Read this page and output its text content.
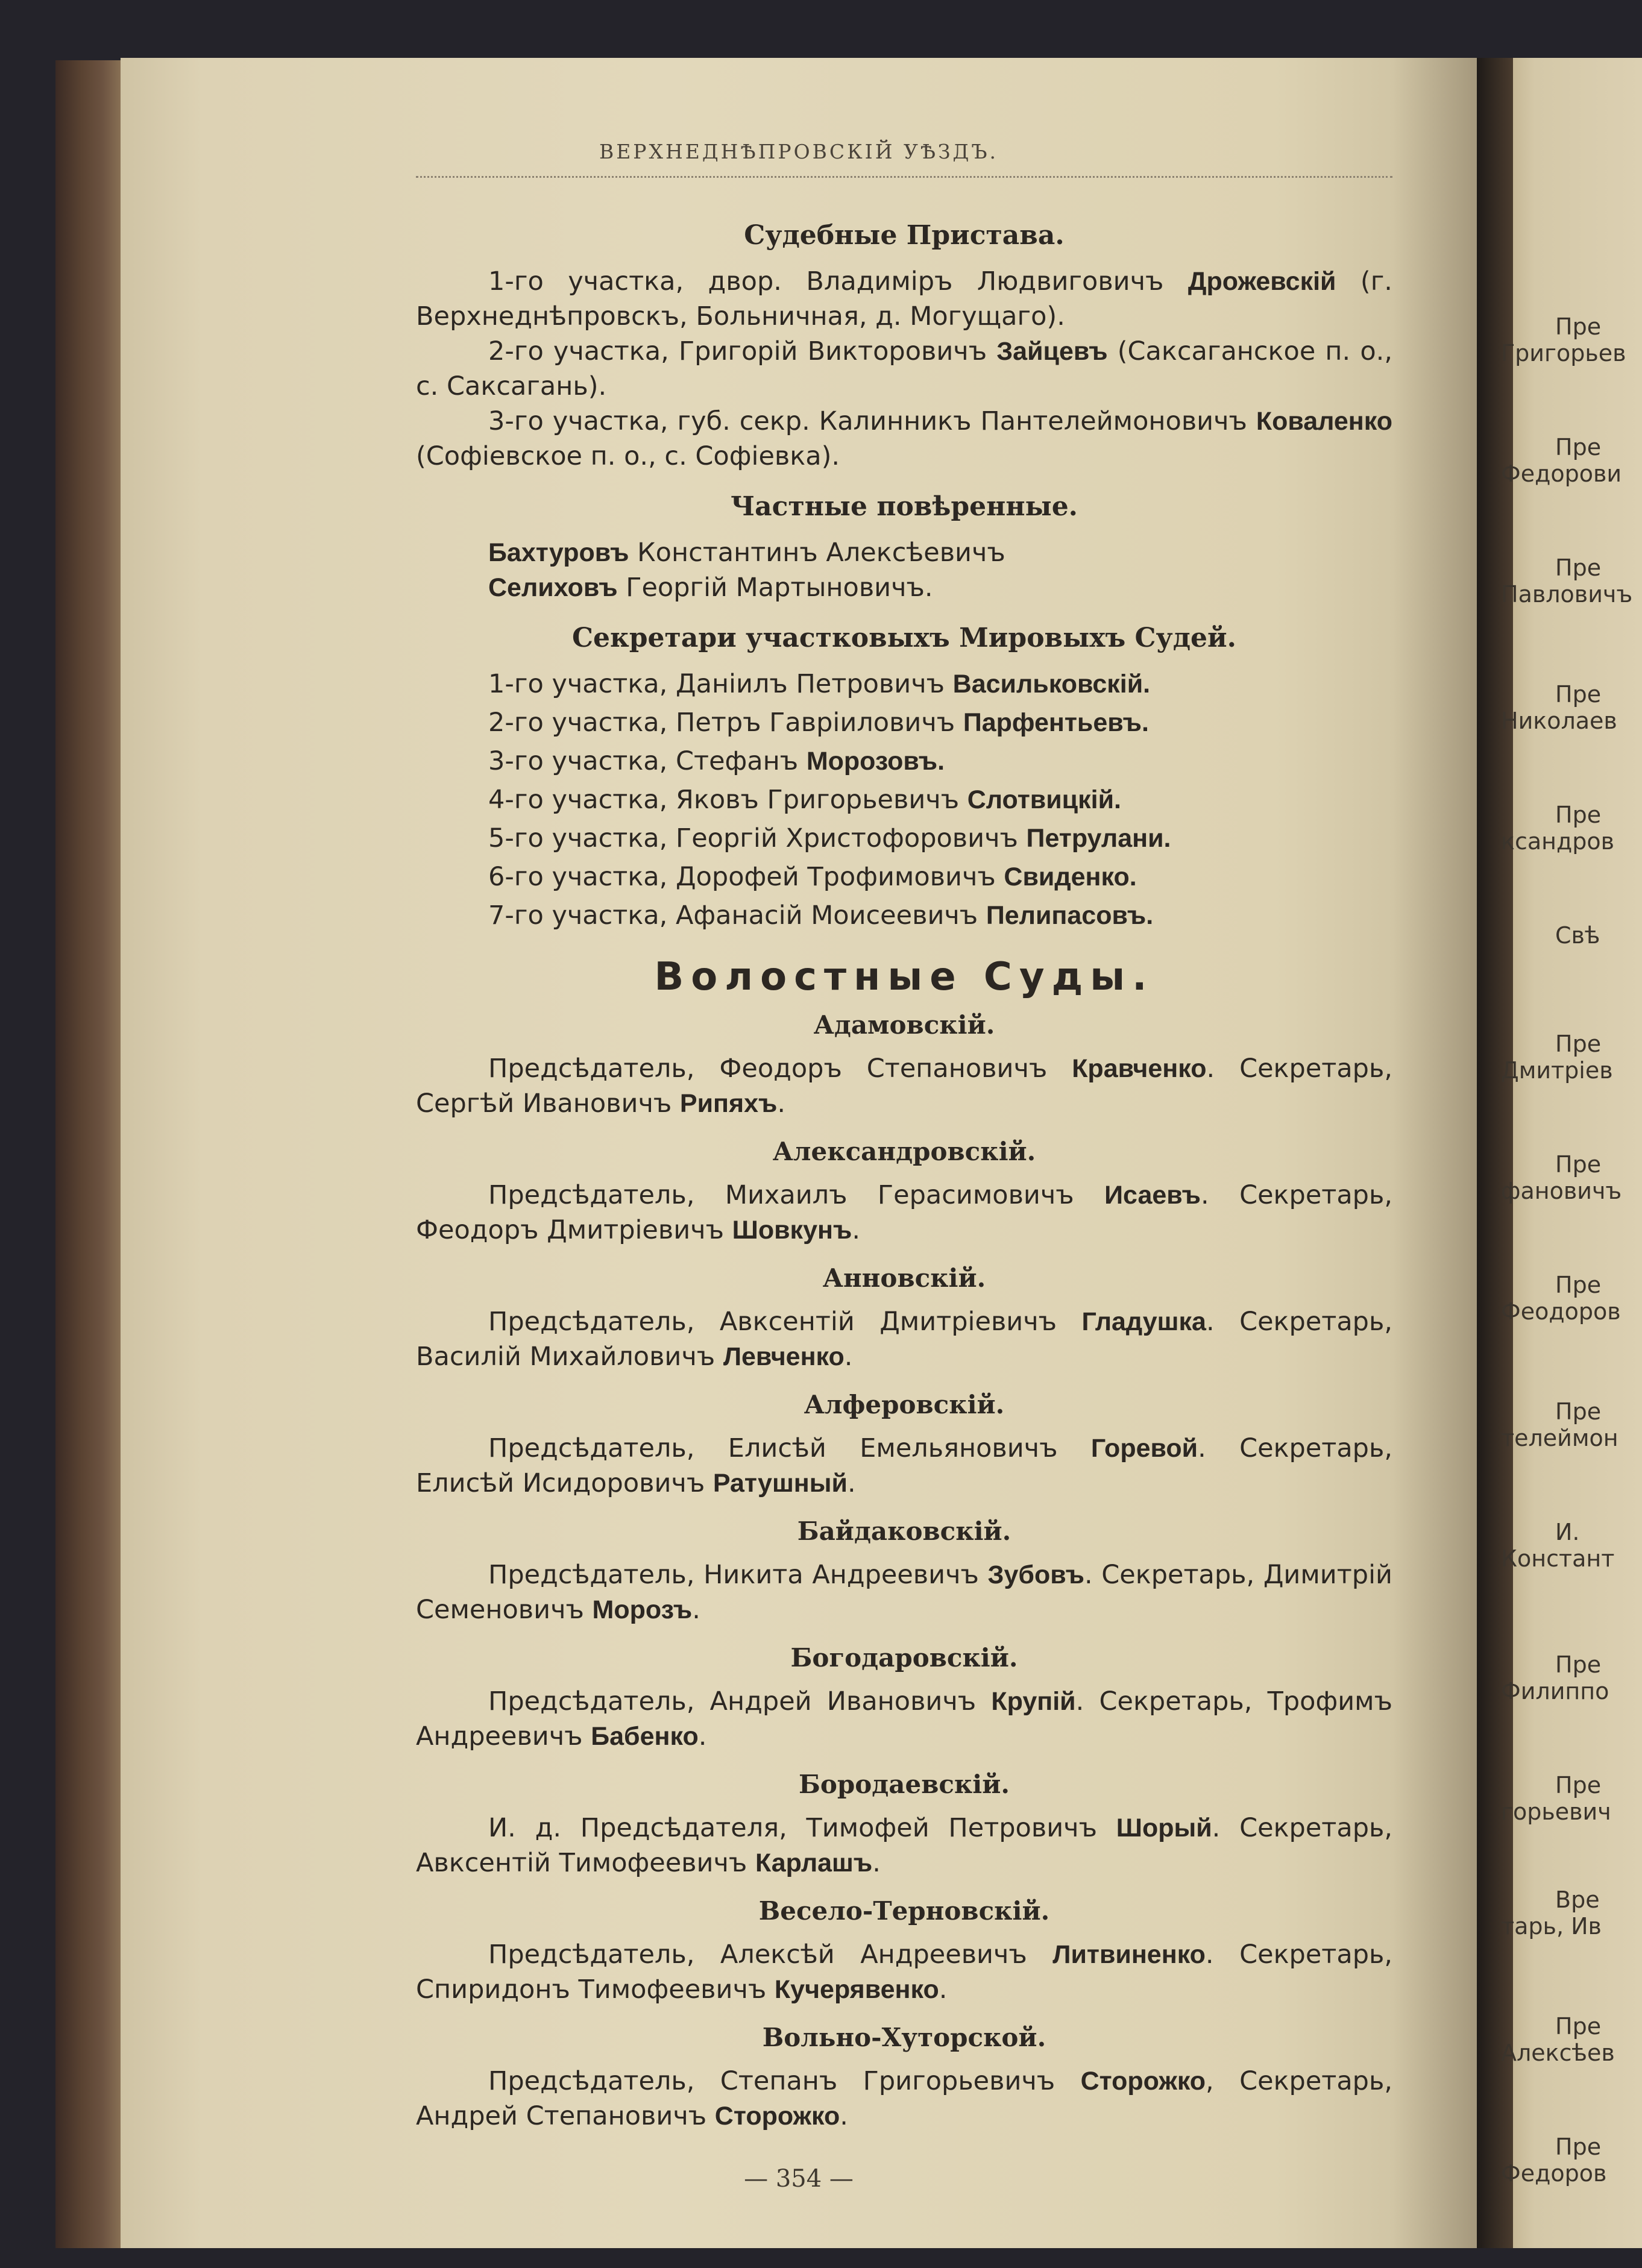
ВЕРХНЕДНѢПРОВСКІЙ УѢЗДЪ.
Судебные Пристава.

1-го участка, двор. Владиміръ Людвиговичъ Дрожевскій (г. Верхнеднѣпровскъ, Больничная, д. Могущаго).

2-го участка, Григорій Викторовичъ Зайцевъ (Саксаганское п. о., с. Саксагань).

3-го участка, губ. секр. Калинникъ Пантелеймоновичъ Коваленко (Софіевское п. о., с. Софіевка).

Частные повѣренные.

Бахтуровъ Константинъ Алексѣевичъ

Селиховъ Георгій Мартыновичъ.

Секретари участковыхъ Мировыхъ Судей.
1-го участка, Даніилъ Петровичъ Васильковскій.
2-го участка, Петръ Гавріиловичъ Парфентьевъ.
3-го участка, Стефанъ Морозовъ.
4-го участка, Яковъ Григорьевичъ Слотвицкій.
5-го участка, Георгій Христофоровичъ Петрулани.
6-го участка, Дорофей Трофимовичъ Свиденко.
7-го участка, Афанасій Моисеевичъ Пелипасовъ.
Волостные Суды.
Адамовскій.

Предсѣдатель, Феодоръ Степановичъ Кравченко. Секретарь, Сергѣй Ивановичъ Рипяхъ.

Александровскій.

Предсѣдатель, Михаилъ Герасимовичъ Исаевъ. Секретарь, Феодоръ Дмитріевичъ Шовкунъ.

Анновскій.

Предсѣдатель, Авксентій Дмитріевичъ Гладушка. Секретарь, Василій Михайловичъ Левченко.

Алферовскій.

Предсѣдатель, Елисѣй Емельяновичъ Горевой. Секретарь, Елисѣй Исидоровичъ Ратушный.

Байдаковскій.

Предсѣдатель, Никита Андреевичъ Зубовъ. Секретарь, Димитрій Семеновичъ Морозъ.

Богодаровскій.

Предсѣдатель, Андрей Ивановичъ Крупій. Секретарь, Трофимъ Андреевичъ Бабенко.

Бородаевскій.

И. д. Предсѣдателя, Тимофей Петровичъ Шорый. Секретарь, Авксентій Тимофеевичъ Карлашъ.

Весело-Терновскій.

Предсѣдатель, Алексѣй Андреевичъ Литвиненко. Секретарь, Спиридонъ Тимофеевичъ Кучерявенко.

Вольно-Хуторской.

Предсѣдатель, Степанъ Григорьевичъ Сторожко, Секретарь, Андрей Степановичъ Сторожко.

— 354 —
Пре
Григорьев
Пре
Федорови
Пре
Павловичъ
Пре
Николаев
Пре
ксандров
Свѣ
Пре
Дмитріев
Пре
фановичъ
Пре
Феодоров
Пре
телеймон
И.
Констант
Пре
Филиппо
Пре
горьевич
Вре
тарь, Ив
Пре
Алексѣев
Пре
Федоров
